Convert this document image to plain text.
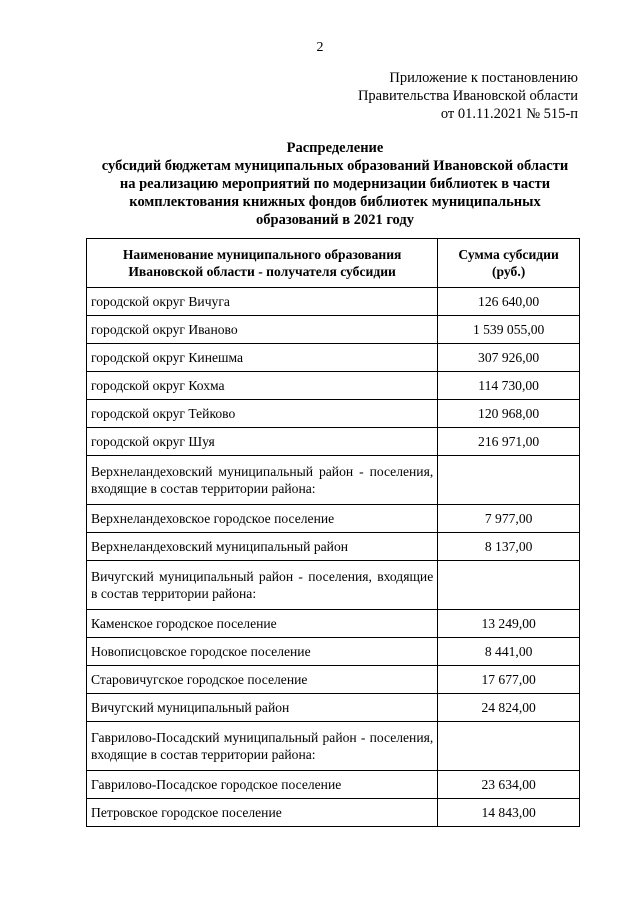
2
Приложение к постановлению
Правительства Ивановской области
от 01.11.2021 № 515-п
Распределение
субсидий бюджетам муниципальных образований Ивановской области
на реализацию мероприятий по модернизации библиотек в части
комплектования книжных фондов библиотек муниципальных
образований в 2021 году
Наименование муниципального образования Ивановской области - получателя субсидии	Сумма субсидии (руб.)
городской округ Вичуга	126 640,00
городской округ Иваново	1 539 055,00
городской округ Кинешма	307 926,00
городской округ Кохма	114 730,00
городской округ Тейково	120 968,00
городской округ Шуя	216 971,00
Верхнеландеховский муниципальный район - поселения, входящие в состав территории района:	
Верхнеландеховское городское поселение	7 977,00
Верхнеландеховский муниципальный район	8 137,00
Вичугский муниципальный район - поселения, входящие в состав территории района:	
Каменское городское поселение	13 249,00
Новописцовское городское поселение	8 441,00
Старовичугское городское поселение	17 677,00
Вичугский муниципальный район	24 824,00
Гаврилово-Посадский муниципальный район - поселения, входящие в состав территории района:	
Гаврилово-Посадское городское поселение	23 634,00
Петровское городское поселение	14 843,00
